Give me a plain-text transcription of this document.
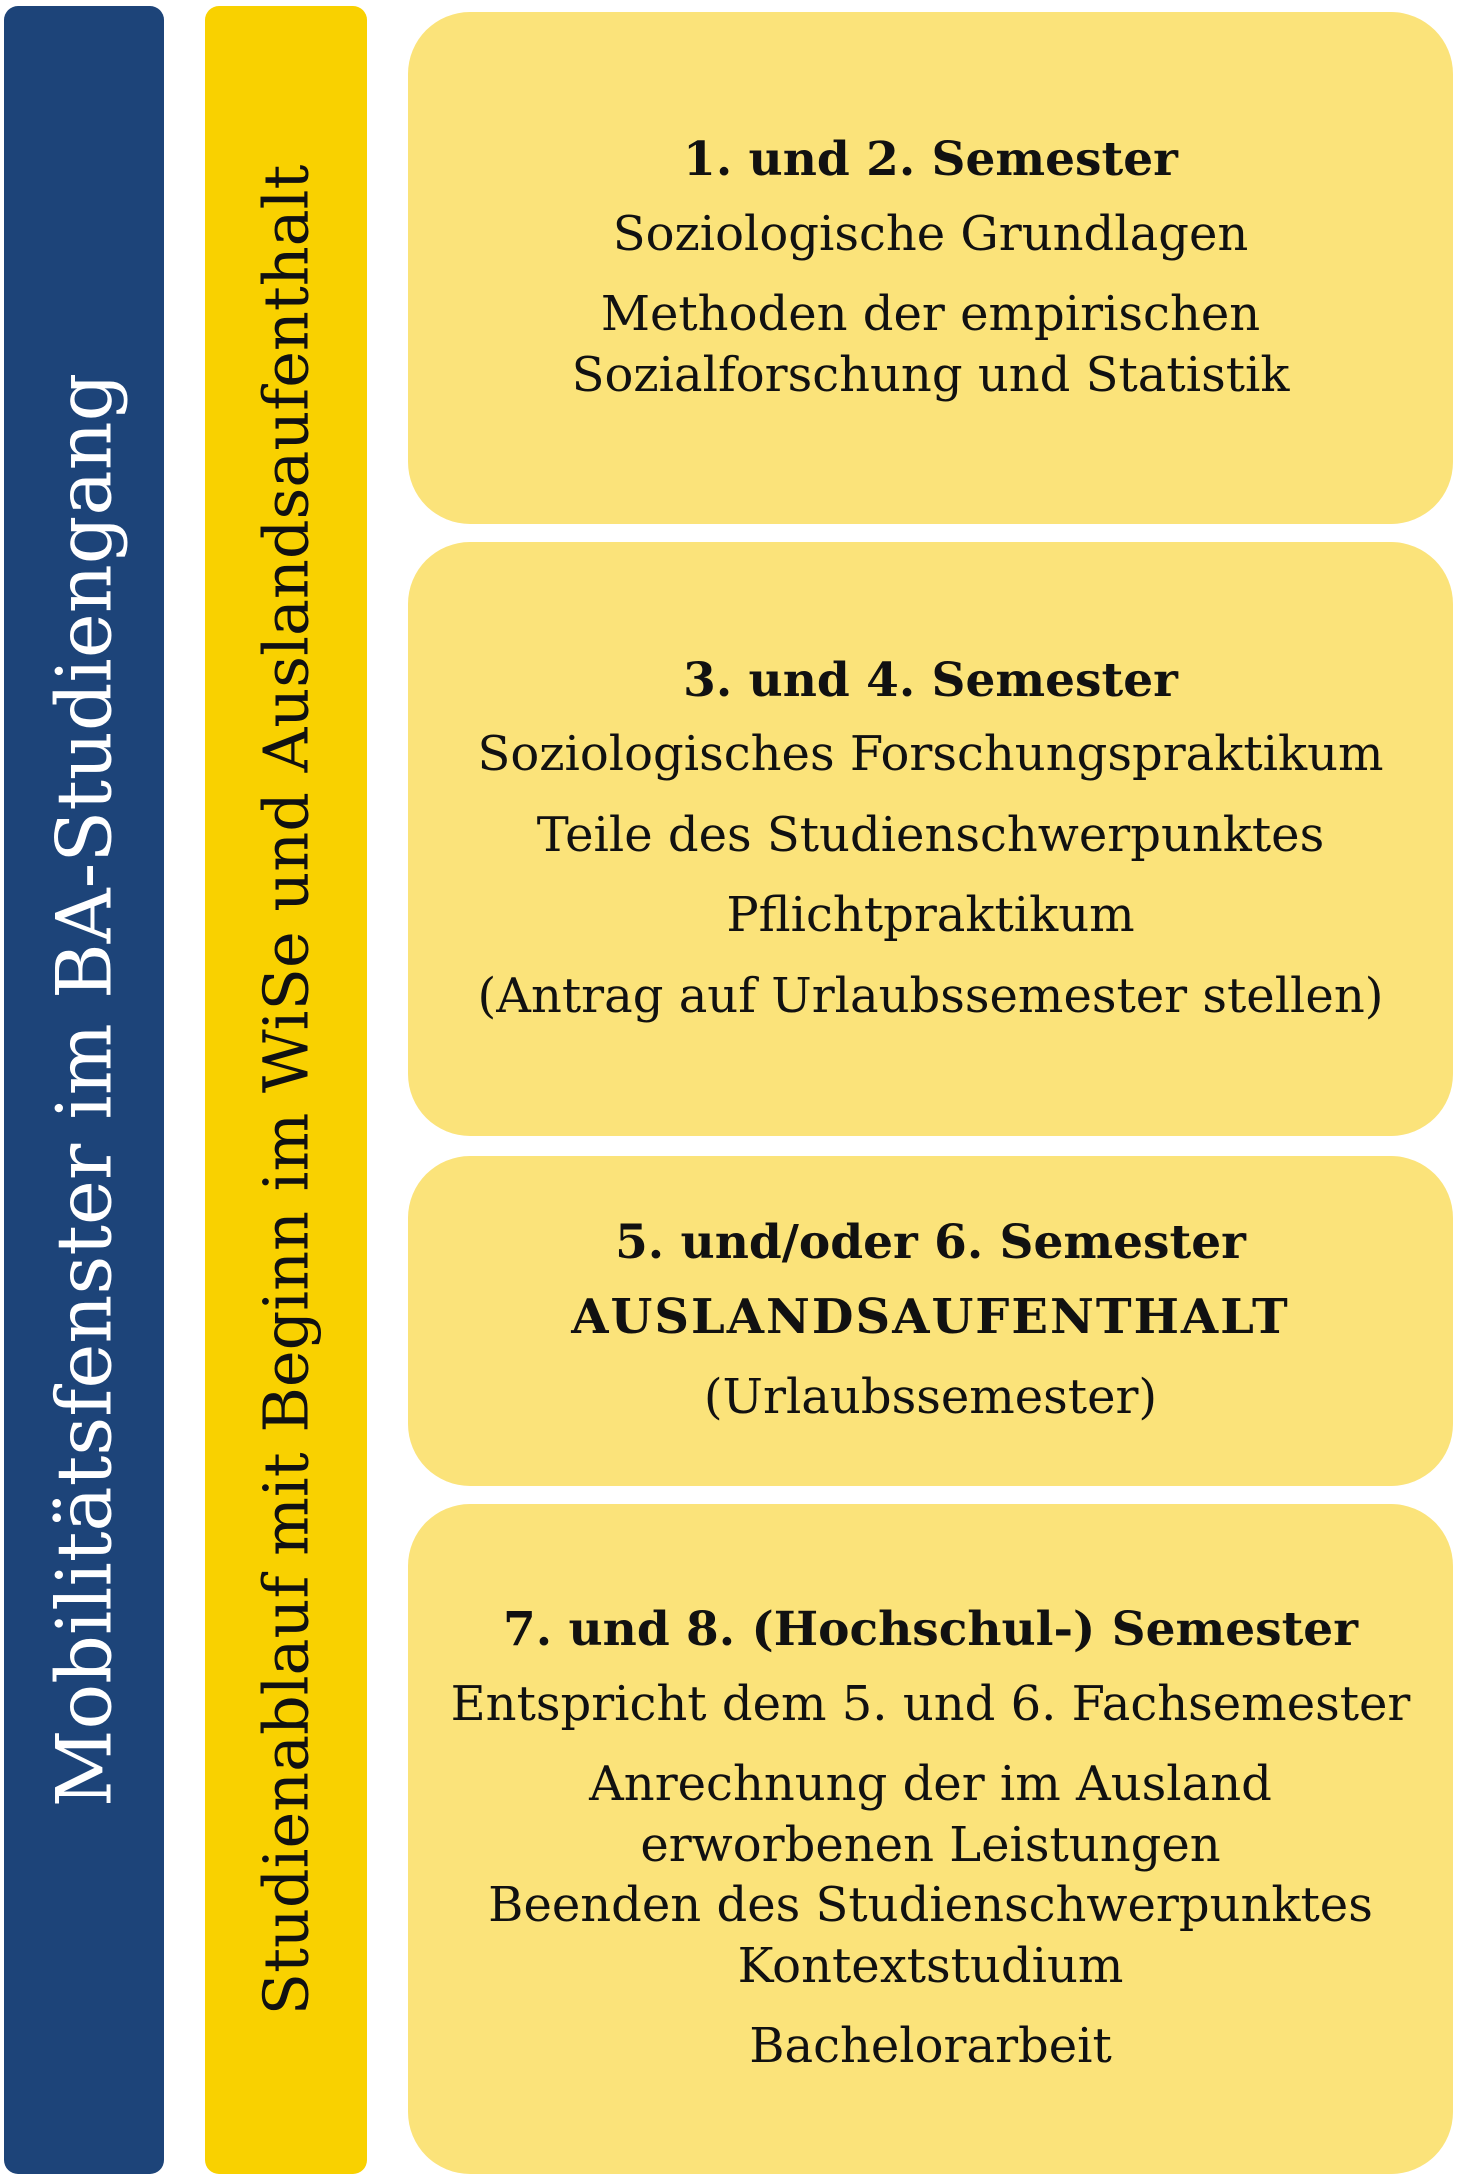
Mobilitätsfenster im BA-Studiengang Studienablauf mit Beginn im WiSe und Auslandsaufenthalt
1. und 2. Semester
Soziologische Grundlagen
Methoden der empirischen Sozialforschung und Statistik
3. und 4. Semester
Soziologisches Forschungspraktikum
Teile des Studienschwerpunktes
Pflichtpraktikum
(Antrag auf Urlaubssemester stellen)
5. und/oder 6. Semester
AUSLANDSAUFENTHALT
(Urlaubssemester)
7. und 8. (Hochschul-) Semester
Entspricht dem 5. und 6. Fachsemester
Anrechnung der im Ausland erworbenen Leistungen
Beenden des Studienschwerpunktes
Kontextstudium
Bachelorarbeit
